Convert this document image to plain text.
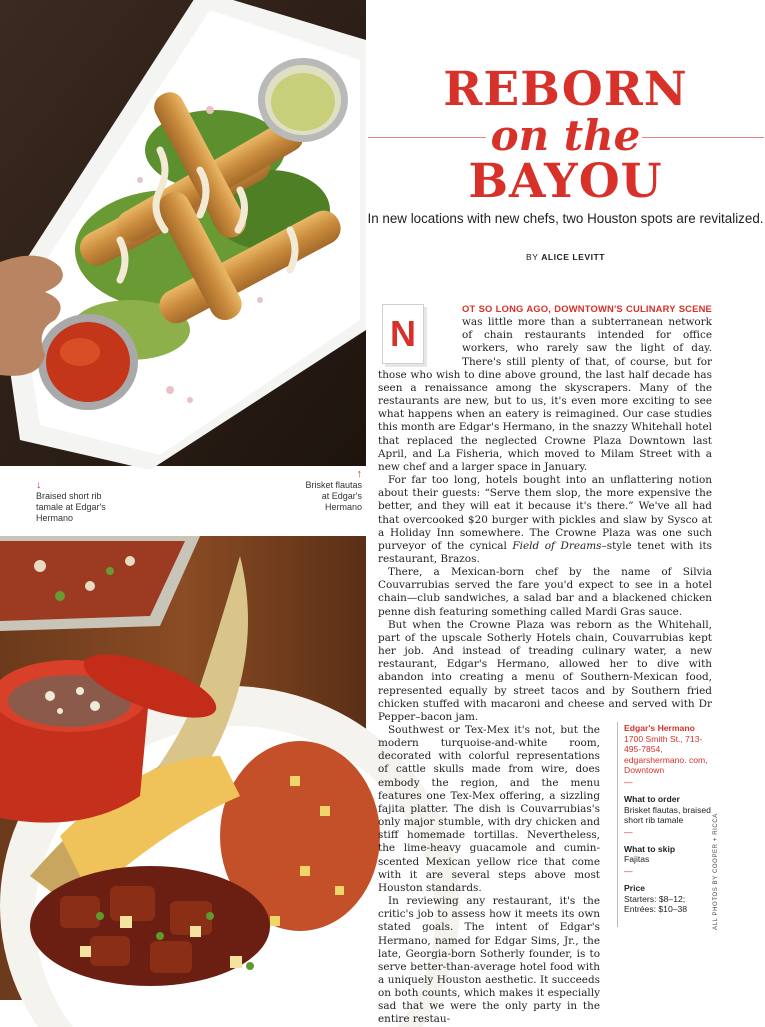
↓
Braised short rib tamale at Edgar's Hermano
↑
Brisket flautas at Edgar's Hermano
REBORN
on the
BAYOU
In new locations with new chefs, two Houston spots are revitalized.
BY ALICE LEVITT

N
OT SO LONG AGO, DOWNTOWN'S CULINARY SCENE was little more than a subterranean network of chain restaurants intended for office workers, who rarely saw the light of day. There's still plenty of that, of course, but for those who wish to dine above ground, the last half decade has seen a renaissance among the skyscrapers. Many of the restaurants are new, but to us, it's even more exciting to see what happens when an eatery is reimagined. Our case studies this month are Edgar's Hermano, in the snazzy Whitehall hotel that replaced the neglected Crowne Plaza Downtown last April, and La Fisheria, which moved to Milam Street with a new chef and a larger space in January.

For far too long, hotels bought into an unflattering notion about their guests: “Serve them slop, the more expensive the better, and they will eat it because it's there.” We've all had that overcooked $20 burger with pickles and slaw by Sysco at a Holiday Inn somewhere. The Crowne Plaza was one such purveyor of the cynical Field of Dreams–style tenet with its restaurant, Brazos.

There, a Mexican-born chef by the name of Silvia Couvarrubias served the fare you'd expect to see in a hotel chain—club sandwiches, a salad bar and a blackened chicken penne dish featuring something called Mardi Gras sauce.

But when the Crowne Plaza was reborn as the Whitehall, part of the upscale Sotherly Hotels chain, Couvarrubias kept her job. And instead of treading culinary water, a new restaurant, Edgar's Hermano, allowed her to dive with abandon into creating a menu of Southern-Mexican food, represented equally by street tacos and by Southern fried chicken stuffed with macaroni and cheese and served with Dr Pepper–bacon jam.

Southwest or Tex-Mex it's not, but the modern turquoise-and-white room, decorated with colorful representations of cattle skulls made from wire, does embody the region, and the menu features one Tex-Mex offering, a sizzling fajita platter. The dish is Couvarrubias's only major stumble, with dry chicken and stiff homemade tortillas. Nevertheless, the lime-heavy guacamole and cumin-scented Mexican yellow rice that come with it are several steps above most Houston standards.

In reviewing any restaurant, it's the critic's job to assess how it meets its own stated goals. The intent of Edgar's Hermano, named for Edgar Sims, Jr., the late, Georgia-born Sotherly founder, is to serve better-than-average hotel food with a uniquely Houston aesthetic. It succeeds on both counts, which makes it especially sad that we were the only party in the entire restau-

Edgar's Hermano
1700 Smith St., 713-495-7854, edgarshermano. com, Downtown
—
What to order
Brisket flautas, braised short rib tamale
—
What to skip
Fajitas
—
Price
Starters: $8–12;
Entrées: $10–38	ALL PHOTOS BY COOPER + RICCA
